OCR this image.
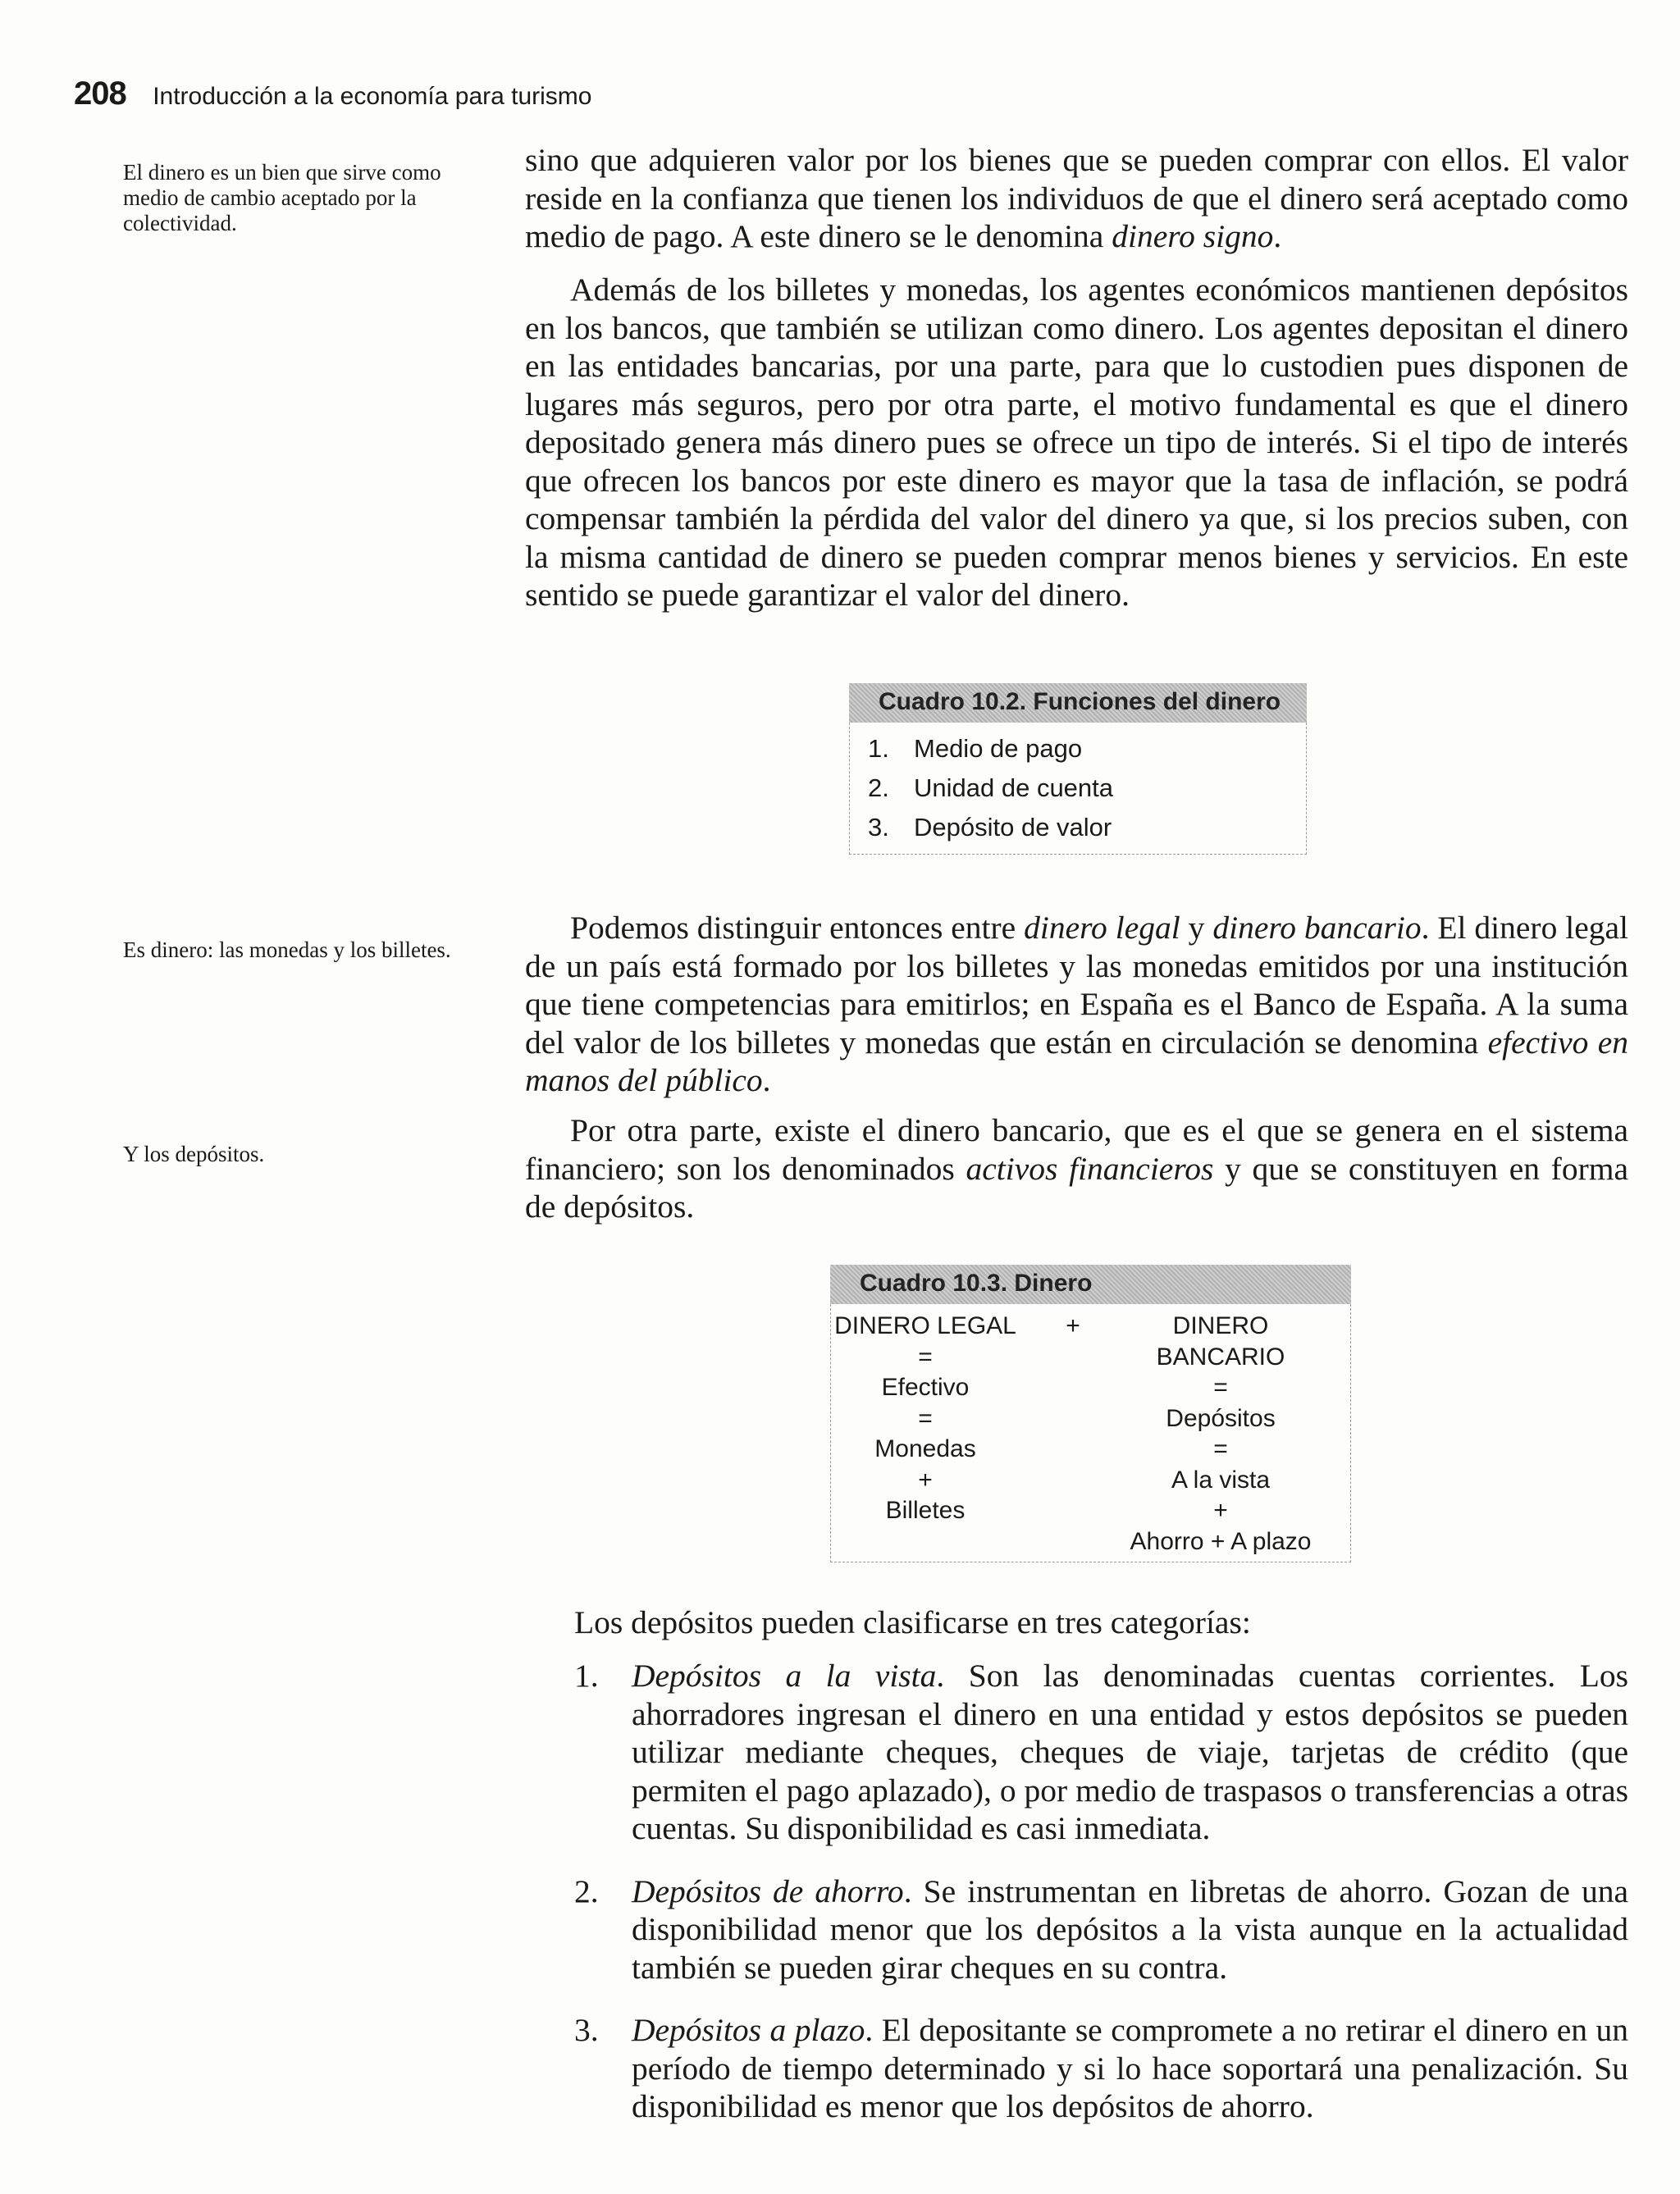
208 Introducción a la economía para turismo
El dinero es un bien que sirve como medio de cambio aceptado por la colectividad.
Es dinero: las monedas y los billetes.
Y los depósitos.

sino que adquieren valor por los bienes que se pueden comprar con ellos. El valor reside en la confianza que tienen los individuos de que el dinero será aceptado como medio de pago. A este dinero se le denomina dinero signo.

Además de los billetes y monedas, los agentes económicos mantienen depósitos en los bancos, que también se utilizan como dinero. Los agentes depositan el dinero en las entidades bancarias, por una parte, para que lo custodien pues disponen de lugares más seguros, pero por otra parte, el motivo fundamental es que el dinero depositado genera más dinero pues se ofrece un tipo de interés. Si el tipo de interés que ofrecen los bancos por este dinero es mayor que la tasa de inflación, se podrá compensar también la pérdida del valor del dinero ya que, si los precios suben, con la misma cantidad de dinero se pueden comprar menos bienes y servicios. En este sentido se puede garantizar el valor del dinero.

Cuadro 10.2. Funciones del dinero
1. Medio de pago
2. Unidad de cuenta
3. Depósito de valor

Podemos distinguir entonces entre dinero legal y dinero bancario. El dinero legal de un país está formado por los billetes y las monedas emitidos por una institución que tiene competencias para emitirlos; en España es el Banco de España. A la suma del valor de los billetes y monedas que están en circulación se denomina efectivo en manos del público.

Por otra parte, existe el dinero bancario, que es el que se genera en el sistema financiero; son los denominados activos financieros y que se constituyen en forma de depósitos.

Cuadro 10.3. Dinero
DINERO LEGAL
=
Efectivo
=
Monedas
+
Billetes
+	DINERO BANCARIO
=
Depósitos
=
A la vista
+
Ahorro + A plazo

Los depósitos pueden clasificarse en tres categorías:

1. Depósitos a la vista. Son las denominadas cuentas corrientes. Los ahorradores ingresan el dinero en una entidad y estos depósitos se pueden utilizar mediante cheques, cheques de viaje, tarjetas de crédito (que permiten el pago aplazado), o por medio de traspasos o transferencias a otras cuentas. Su disponibilidad es casi inmediata.
2. Depósitos de ahorro. Se instrumentan en libretas de ahorro. Gozan de una disponibilidad menor que los depósitos a la vista aunque en la actualidad también se pueden girar cheques en su contra.
3. Depósitos a plazo. El depositante se compromete a no retirar el dinero en un período de tiempo determinado y si lo hace soportará una penalización. Su disponibilidad es menor que los depósitos de ahorro.
